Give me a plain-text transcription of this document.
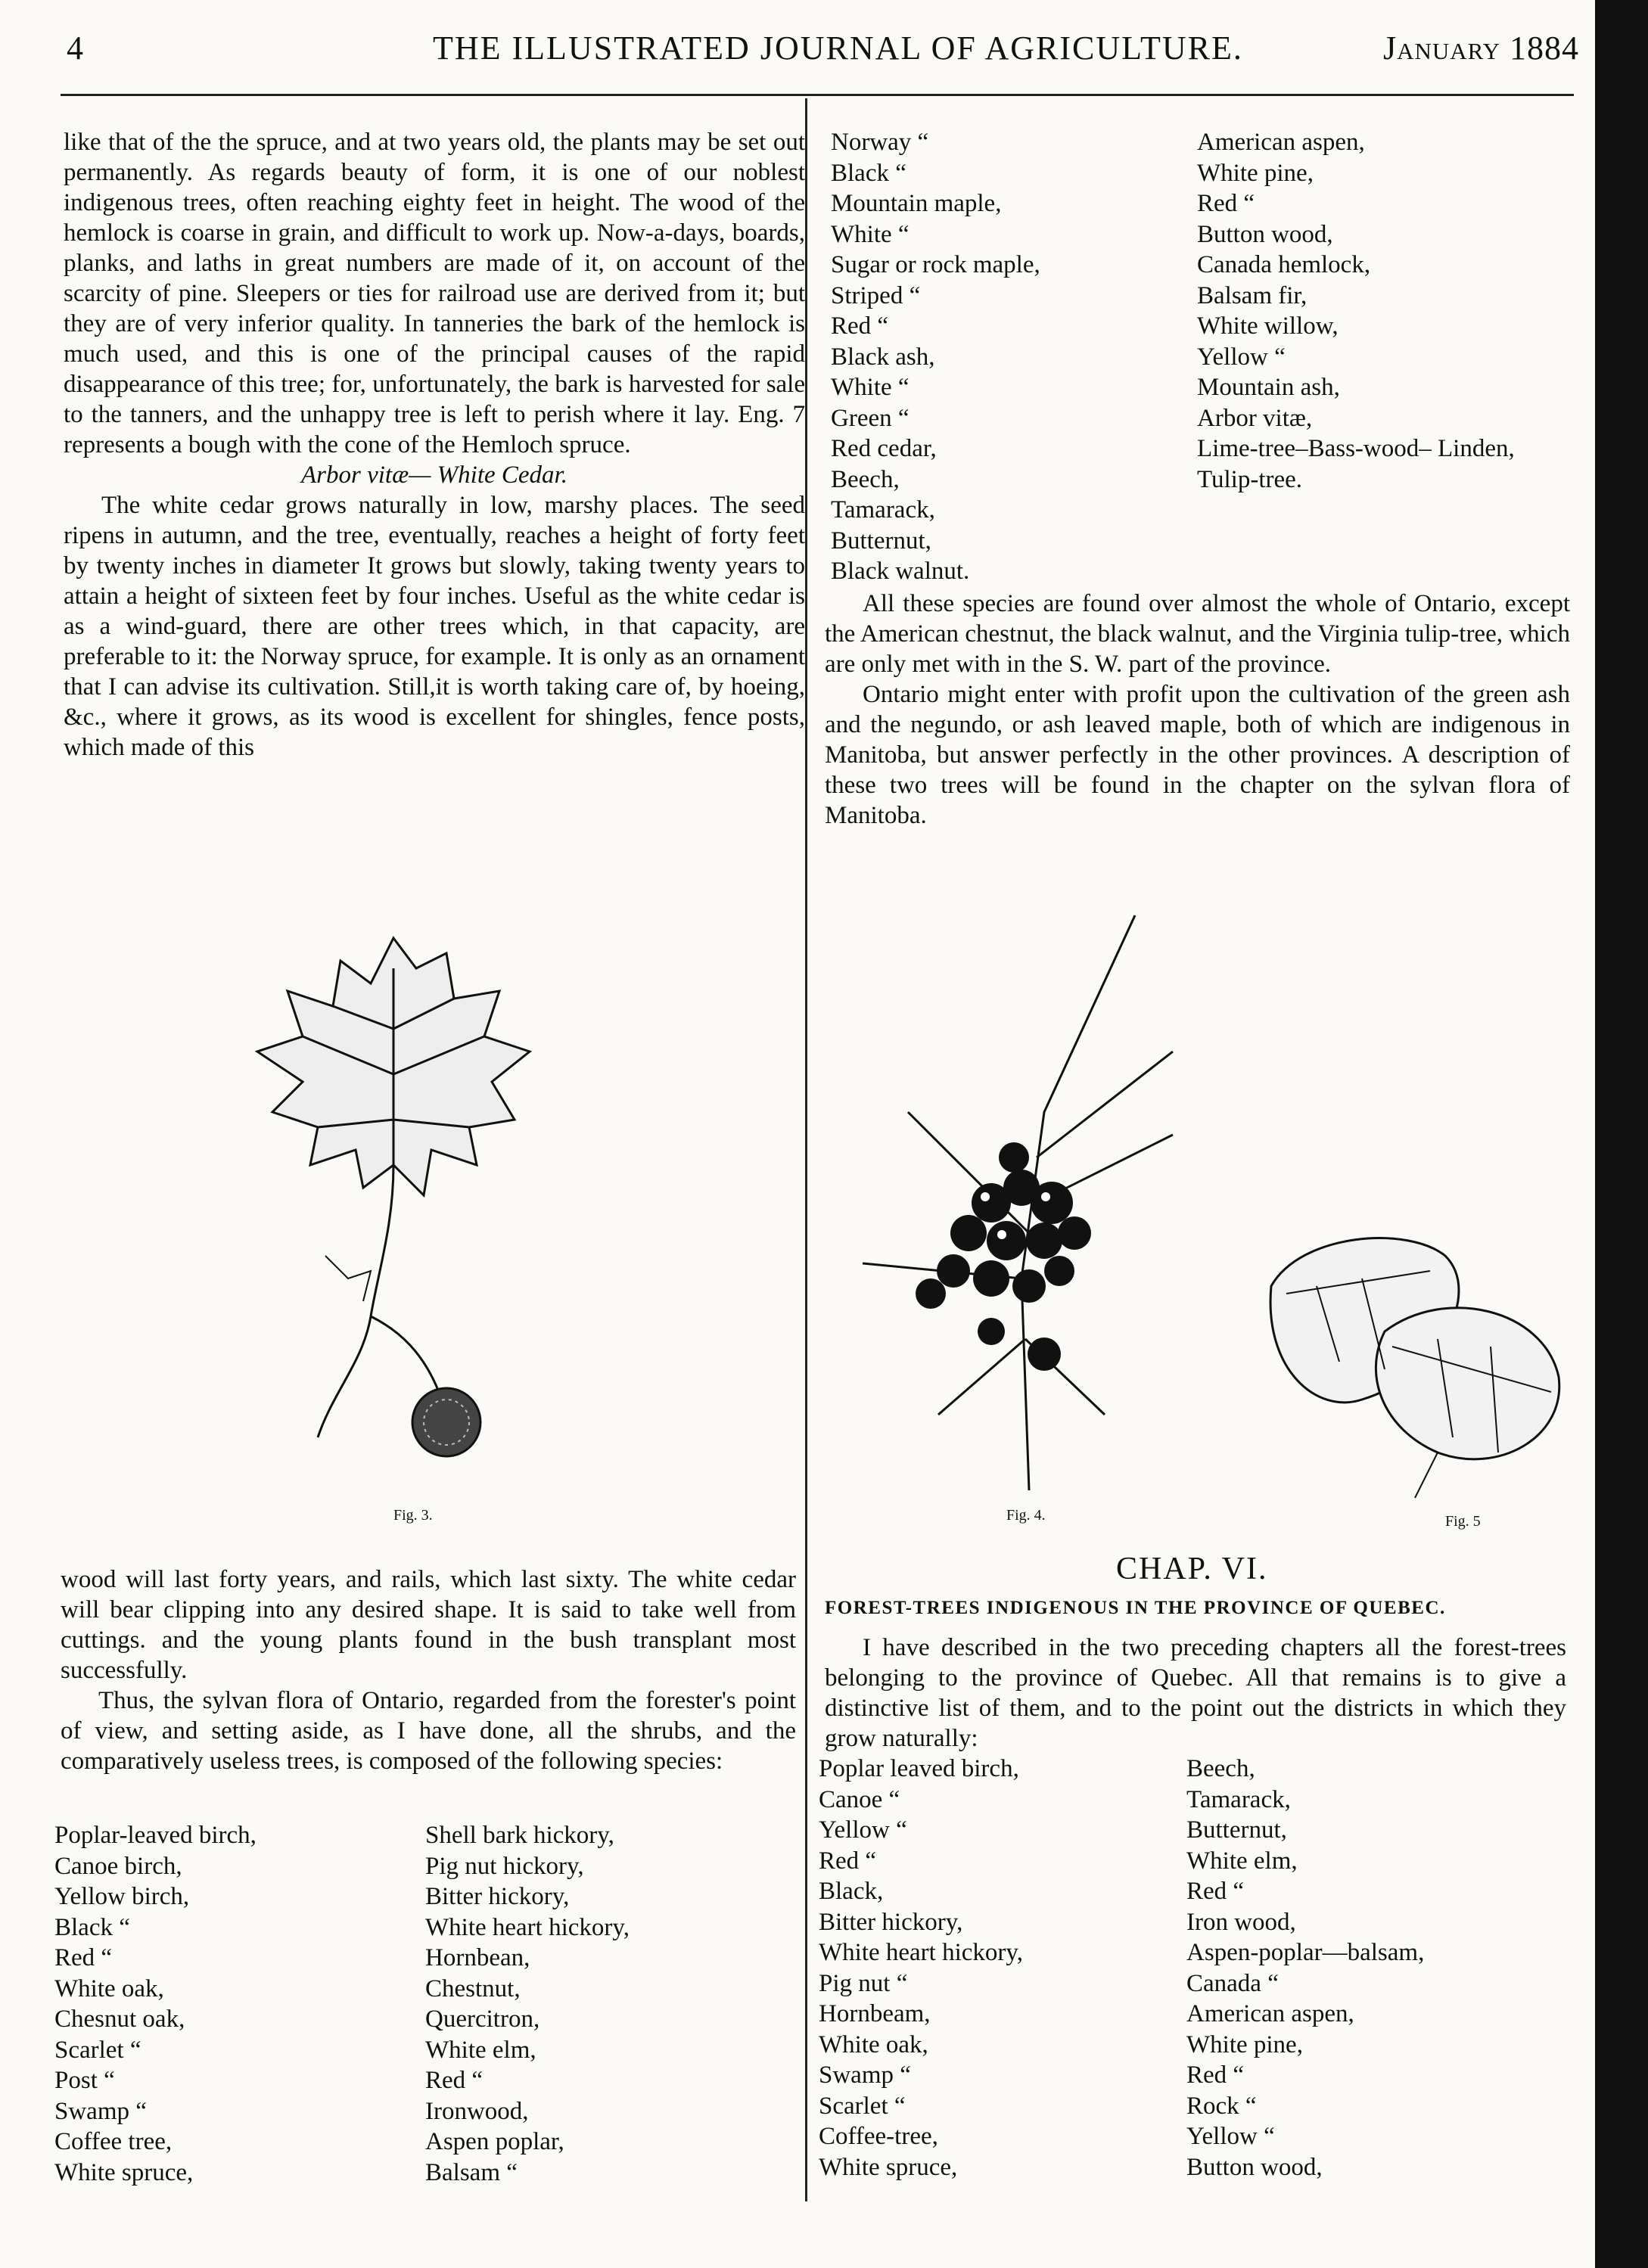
4	THE ILLUSTRATED JOURNAL OF AGRICULTURE.	January 1884

like that of the the spruce, and at two years old, the plants may be set out permanently. As regards beauty of form, it is one of our noblest indigenous trees, often reaching eighty feet in height. The wood of the hemlock is coarse in grain, and difficult to work up. Now-a-days, boards, planks, and laths in great numbers are made of it, on account of the scarcity of pine. Sleepers or ties for railroad use are derived from it; but they are of very inferior quality. In tanneries the bark of the hemlock is much used, and this is one of the principal causes of the rapid disappearance of this tree; for, unfortunately, the bark is harvested for sale to the tanners, and the unhappy tree is left to perish where it lay. Eng. 7 represents a bough with the cone of the Hemloch spruce.

Arbor vitæ— White Cedar.

The white cedar grows naturally in low, marshy places. The seed ripens in autumn, and the tree, eventually, reaches a height of forty feet by twenty inches in diameter It grows but slowly, taking twenty years to attain a height of sixteen feet by four inches. Useful as the white cedar is as a wind-guard, there are other trees which, in that capacity, are preferable to it: the Norway spruce, for example. It is only as an ornament that I can advise its cultivation. Still,it is worth taking care of, by hoeing, &c., where it grows, as its wood is excellent for shingles, fence posts, which made of this

Norway “
Black “
Mountain maple,
White “
Sugar or rock maple,
Striped “
Red “
Black ash,
White “
Green “
Red cedar,
Beech,
Tamarack,
Butternut,
Black walnut.
American aspen,
White pine,
Red “
Button wood,
Canada hemlock,
Balsam fir,
White willow,
Yellow “
Mountain ash,
Arbor vitæ,
Lime-tree–Bass-wood– Linden,
Tulip-tree.

All these species are found over almost the whole of Ontario, except the American chestnut, the black walnut, and the Virginia tulip-tree, which are only met with in the S. W. part of the province.

Ontario might enter with profit upon the cultivation of the green ash and the negundo, or ash leaved maple, both of which are indigenous in Manitoba, but answer perfectly in the other provinces. A description of these two trees will be found in the chapter on the sylvan flora of Manitoba.

Fig. 3.	Fig. 4.	Fig. 5

wood will last forty years, and rails, which last sixty. The white cedar will bear clipping into any desired shape. It is said to take well from cuttings. and the young plants found in the bush transplant most successfully.

Thus, the sylvan flora of Ontario, regarded from the forester's point of view, and setting aside, as I have done, all the shrubs, and the comparatively useless trees, is composed of the following species:

Poplar-leaved birch,
Canoe birch,
Yellow birch,
Black “
Red “
White oak,
Chesnut oak,
Scarlet “
Post “
Swamp “
Coffee tree,
White spruce,
Shell bark hickory,
Pig nut hickory,
Bitter hickory,
White heart hickory,
Hornbean,
Chestnut,
Quercitron,
White elm,
Red “
Ironwood,
Aspen poplar,
Balsam “
CHAP. VI.
FOREST-TREES INDIGENOUS IN THE PROVINCE OF QUEBEC.

I have described in the two preceding chapters all the forest-trees belonging to the province of Quebec. All that remains is to give a distinctive list of them, and to the point out the districts in which they grow naturally:

Poplar leaved birch,
Canoe “
Yellow “
Red “
Black,
Bitter hickory,
White heart hickory,
Pig nut “
Hornbeam,
White oak,
Swamp “
Scarlet “
Coffee-tree,
White spruce,
Beech,
Tamarack,
Butternut,
White elm,
Red “
Iron wood,
Aspen-poplar—balsam,
Canada “
American aspen,
White pine,
Red “
Rock “
Yellow “
Button wood,
